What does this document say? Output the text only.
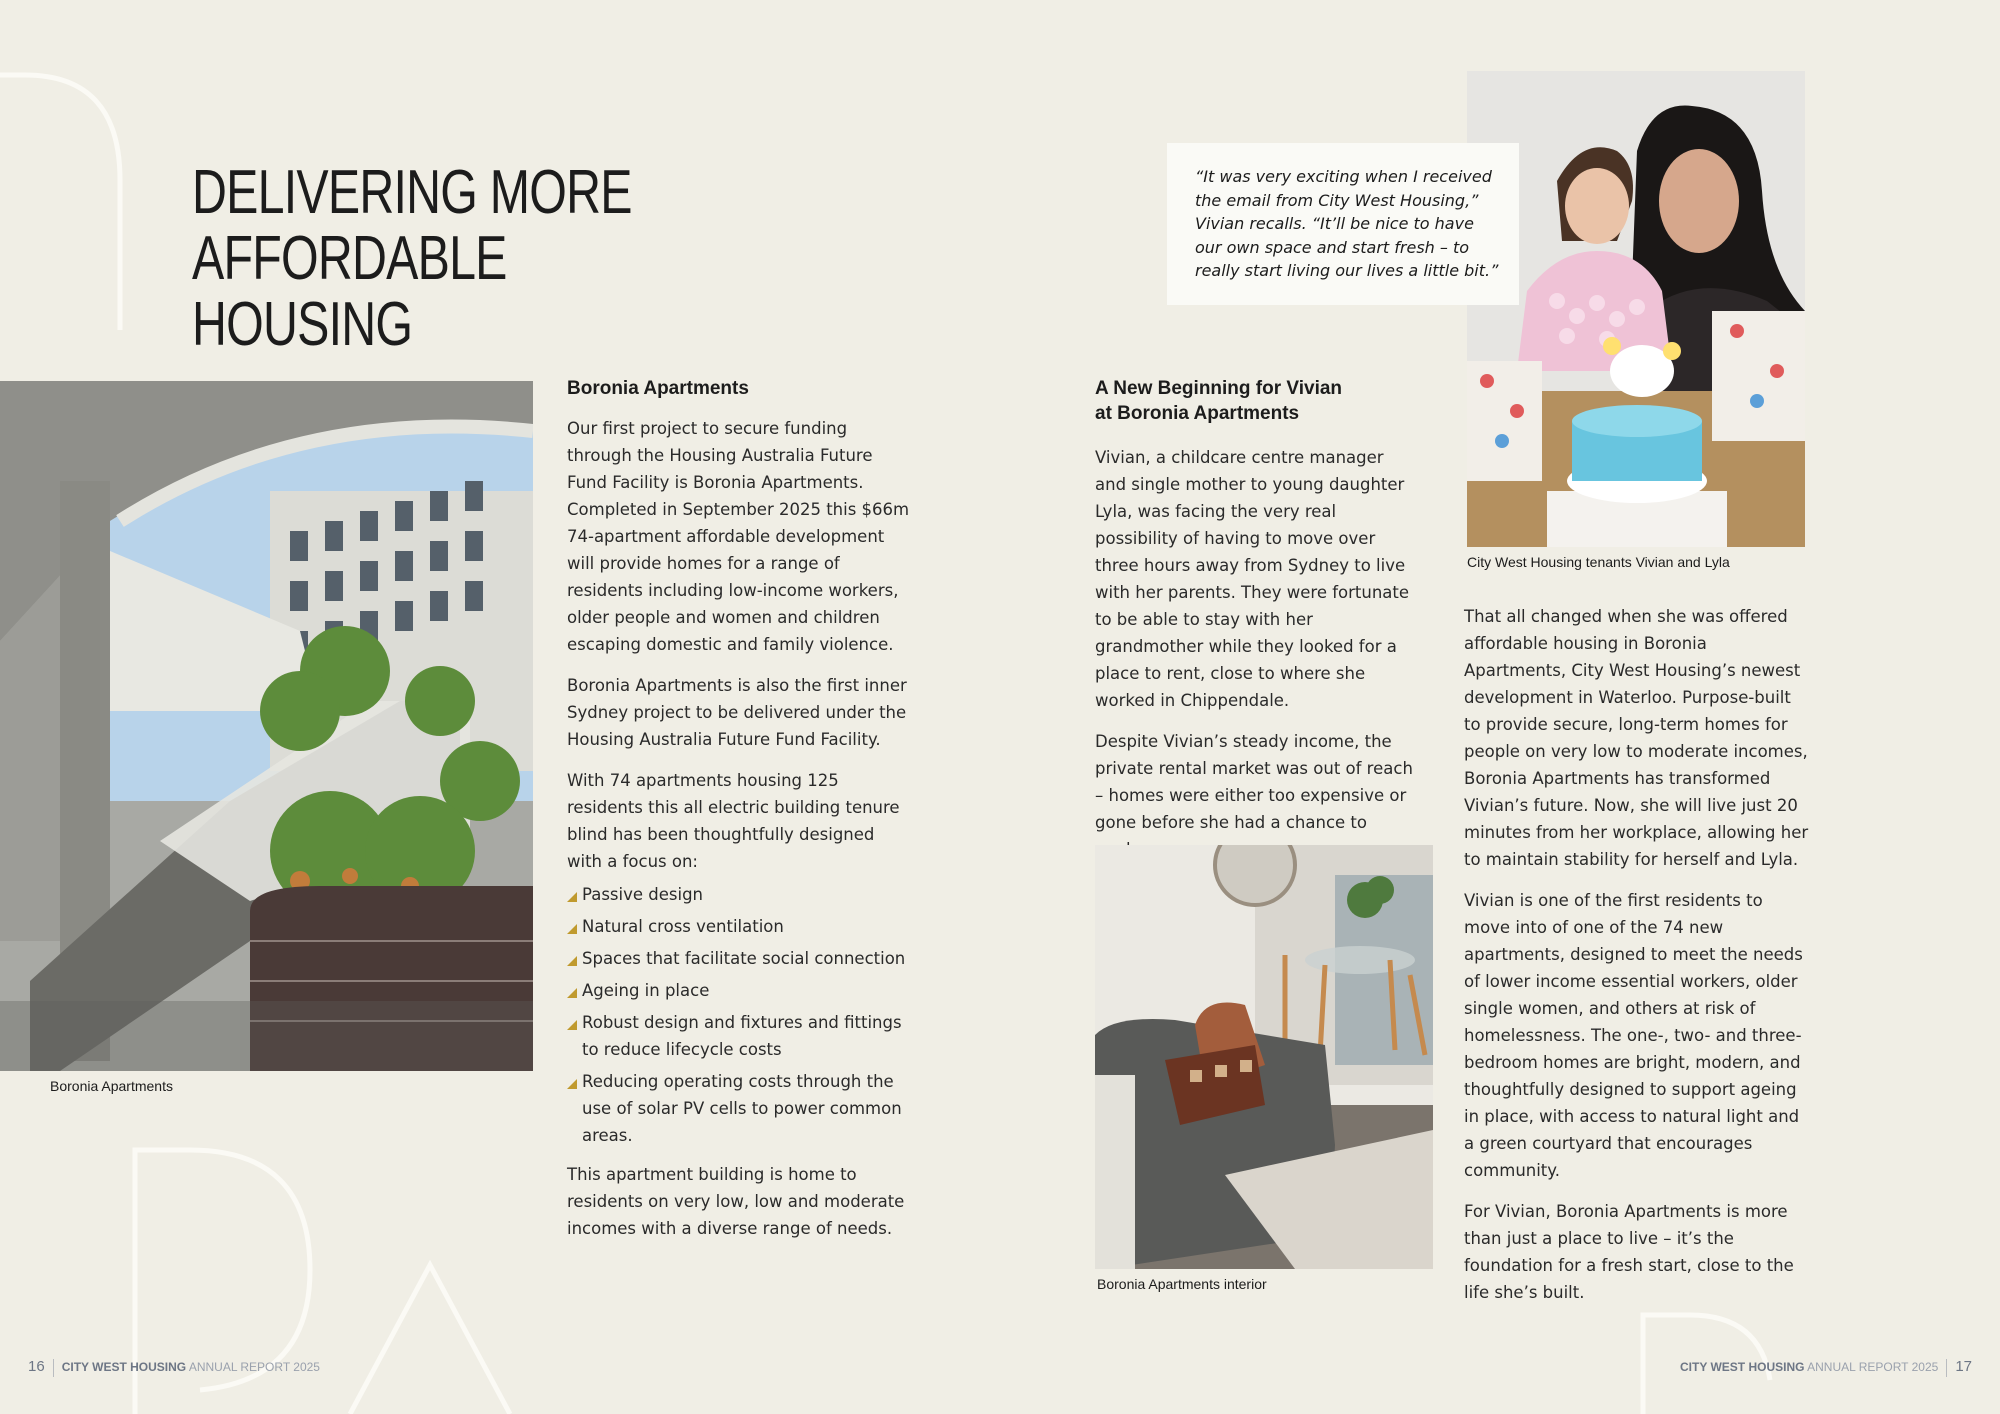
DELIVERING MORE
AFFORDABLE HOUSING
Boronia Apartments
Boronia Apartments

Our first project to secure funding through the Housing Australia Future Fund Facility is Boronia Apartments. Completed in September 2025 this $66m 74-apartment affordable development will provide homes for a range of residents including low-income workers, older people and women and children escaping domestic and family violence.

Boronia Apartments is also the first inner Sydney project to be delivered under the Housing Australia Future Fund Facility.

With 74 apartments housing 125 residents this all electric building tenure blind has been thoughtfully designed with a focus on:

Passive design
Natural cross ventilation
Spaces that facilitate social connection
Ageing in place
Robust design and fixtures and fittings to reduce lifecycle costs
Reducing operating costs through the use of solar PV cells to power common areas.

This apartment building is home to residents on very low, low and moderate incomes with a diverse range of needs.

A New Beginning for Vivian
at Boronia Apartments

Vivian, a childcare centre manager and single mother to young daughter Lyla, was facing the very real possibility of having to move over three hours away from Sydney to live with her parents. They were fortunate to be able to stay with her grandmother while they looked for a place to rent, close to where she worked in Chippendale.

Despite Vivian’s steady income, the private rental market was out of reach – homes were either too expensive or gone before she had a chance to

Boronia Apartments interior
City West Housing tenants Vivian and Lyla
“It was very exciting when I received the email from City West Housing,” Vivian recalls. “It’ll be nice to have our own space and start fresh – to really start living our lives a little bit.”

That all changed when she was offered affordable housing in Boronia Apartments, City West Housing’s newest development in Waterloo. Purpose-built to provide secure, long-term homes for people on very low to moderate incomes, Boronia Apartments has transformed Vivian’s future. Now, she will live just 20 minutes from her workplace, allowing her to maintain stability for herself and Lyla.

Vivian is one of the first residents to move into of one of the 74 new apartments, designed to meet the needs of lower income essential workers, older single women, and others at risk of homelessness. The one-, two- and three-bedroom homes are bright, modern, and thoughtfully designed to support ageing in place, with access to natural light and a green courtyard that encourages community.

For Vivian, Boronia Apartments is more than just a place to live – it’s the foundation for a fresh start, close to the life she’s built.

16 CITY WEST HOUSING ANNUAL REPORT 2025	CITY WEST HOUSING ANNUAL REPORT 2025 17
